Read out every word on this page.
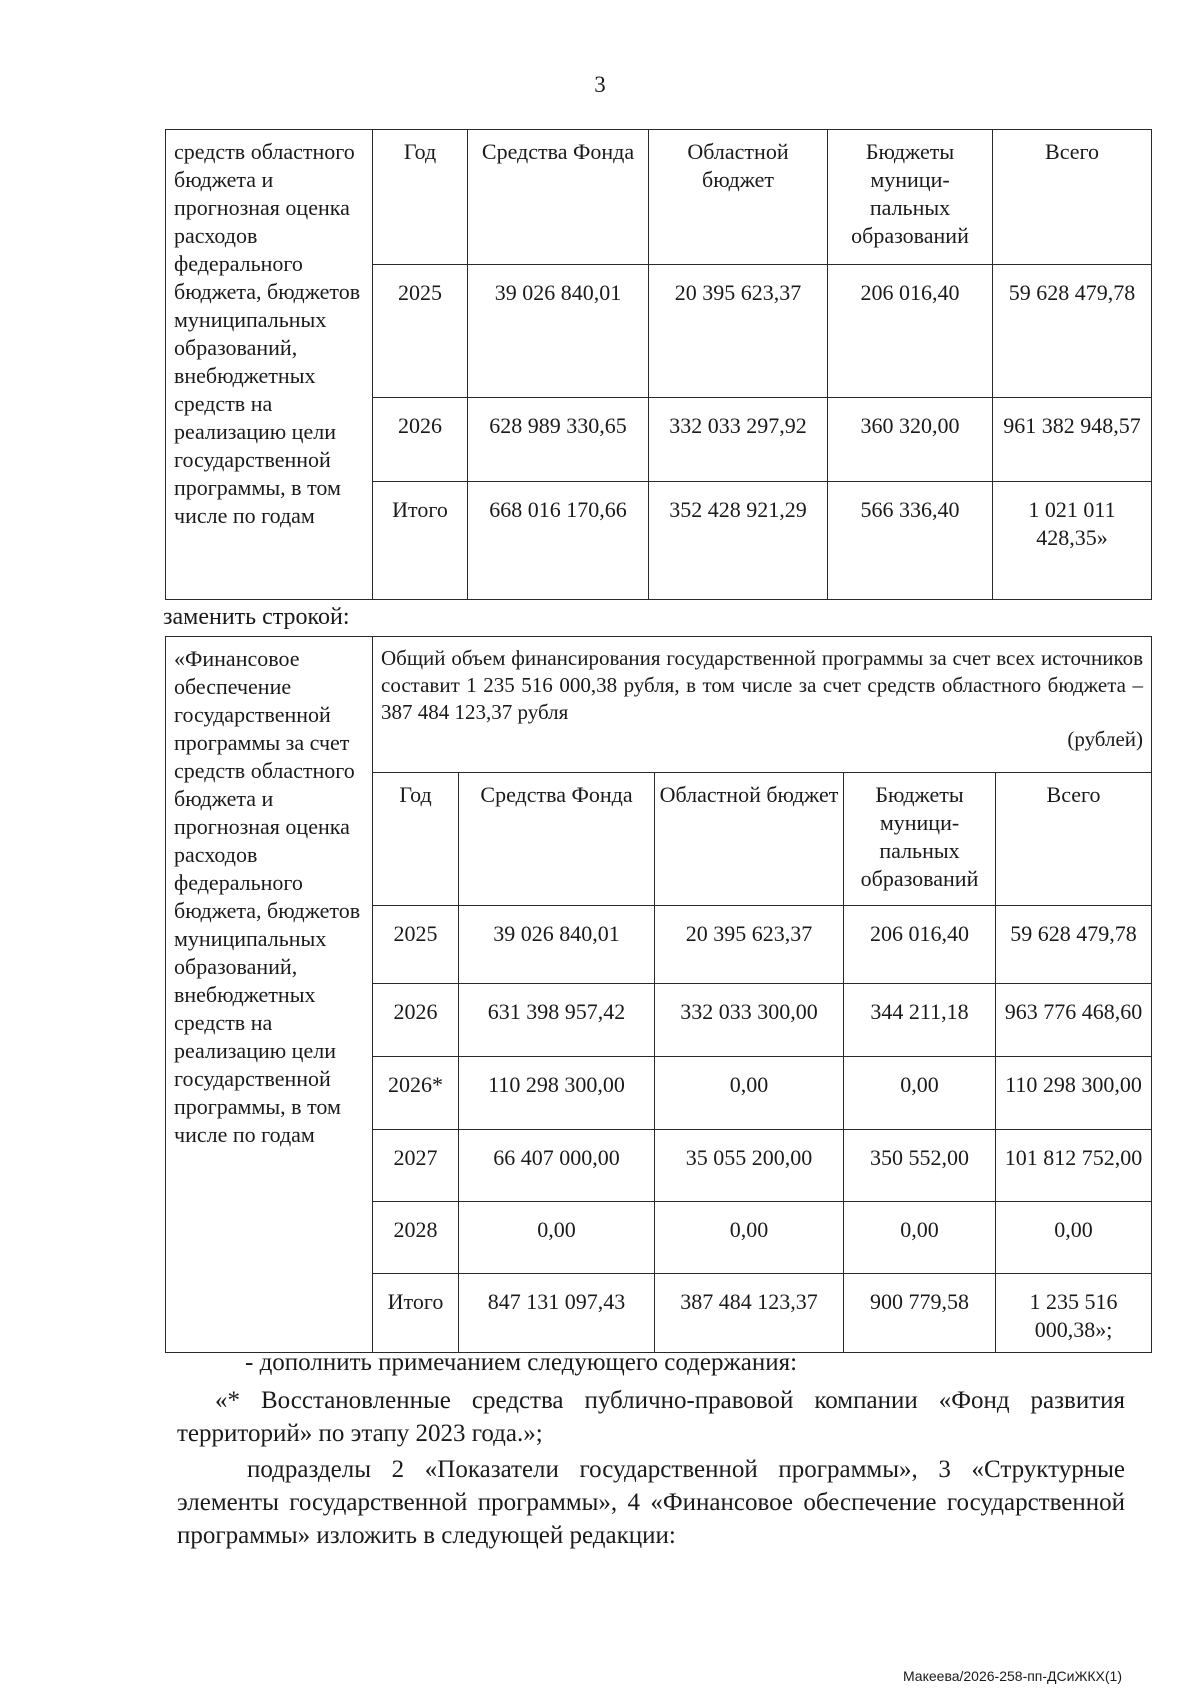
3
средств областного бюджета и прогнозная оценка расходов федерального бюджета, бюджетов муниципальных образований, внебюджетных средств на реализацию цели государственной программы, в том числе по годам	Год	Средства Фонда	Областной бюджет	Бюджеты муници-пальных образований	Всего
	2025	39 026 840,01	20 395 623,37	206 016,40	59 628 479,78
	2026	628 989 330,65	332 033 297,92	360 320,00	961 382 948,57
	Итого	668 016 170,66	352 428 921,29	566 336,40	1 021 011 428,35»
заменить строкой:
«Финансовое обеспечение государственной программы за счет средств областного бюджета и прогнозная оценка расходов федерального бюджета, бюджетов муниципальных образований, внебюджетных средств на реализацию цели государственной программы, в том числе по годам	Общий объем финансирования государственной программы за счет всех источников составит 1 235 516 000,38 рубля, в том числе за счет средств областного бюджета – 387 484 123,37 рубля
(рублей)				

	Год	Средства Фонда	Областной бюджет	Бюджеты муници-пальных образований	Всего
	2025	39 026 840,01	20 395 623,37	206 016,40	59 628 479,78
	2026	631 398 957,42	332 033 300,00	344 211,18	963 776 468,60
	2026*	110 298 300,00	0,00	0,00	110 298 300,00
	2027	66 407 000,00	35 055 200,00	350 552,00	101 812 752,00
	2028	0,00	0,00	0,00	0,00
	Итого	847 131 097,43	387 484 123,37	900 779,58	1 235 516 000,38»;
- дополнить примечанием следующего содержания:
«* Восстановленные средства публично-правовой компании «Фонд развития территорий» по этапу 2023 года.»;
подразделы 2 «Показатели государственной программы», 3 «Структурные элементы государственной программы», 4 «Финансовое обеспечение государственной программы» изложить в следующей редакции:
Макеева/2026-258-пп-ДСиЖКХ(1)
